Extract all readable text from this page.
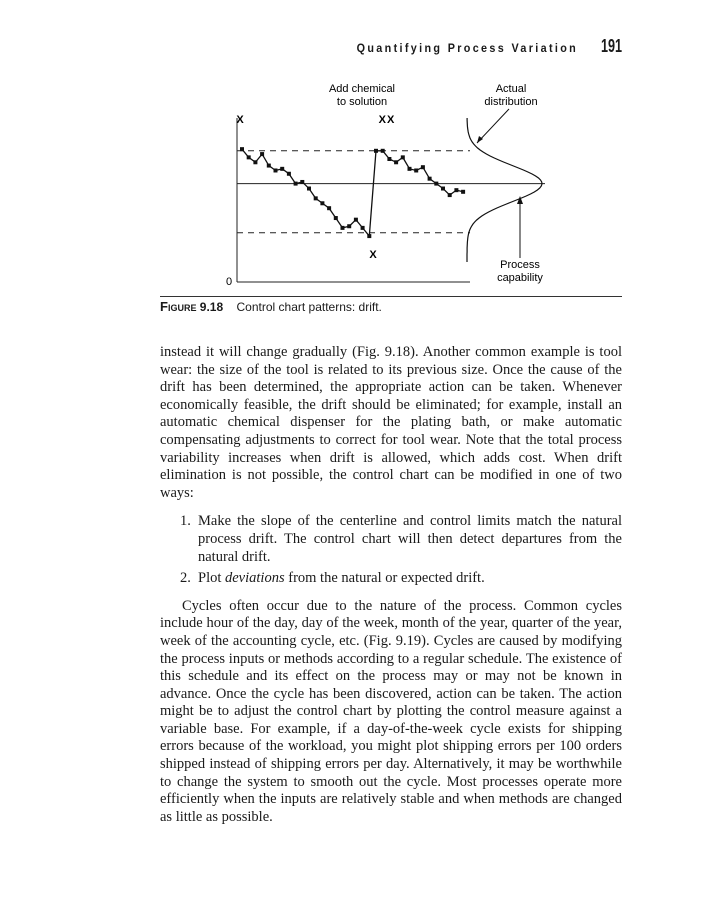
Quantifying Process Variation 191
Add chemical
to solution
Actual
distribution
Process
capability
0
X	XX
X
Figure 9.18 Control chart patterns: drift.

instead it will change gradually (Fig. 9.18). Another common example is tool wear: the size of the tool is related to its previous size. Once the cause of the drift has been determined, the appropriate action can be taken. Whenever economically feasible, the drift should be eliminated; for example, install an automatic chemical dispenser for the plating bath, or make automatic compensating adjustments to correct for tool wear. Note that the total process variability increases when drift is allowed, which adds cost. When drift elimination is not possible, the control chart can be modified in one of two ways:

1. Make the slope of the centerline and control limits match the natural process drift. The control chart will then detect departures from the natural drift.
2. Plot deviations from the natural or expected drift.

Cycles often occur due to the nature of the process. Common cycles include hour of the day, day of the week, month of the year, quarter of the year, week of the accounting cycle, etc. (Fig. 9.19). Cycles are caused by modifying the process inputs or methods according to a regular schedule. The existence of this schedule and its effect on the process may or may not be known in advance. Once the cycle has been discovered, action can be taken. The action might be to adjust the control chart by plotting the control measure against a variable base. For example, if a day-of-the-week cycle exists for shipping errors because of the workload, you might plot shipping errors per 100 orders shipped instead of shipping errors per day. Alternatively, it may be worthwhile to change the system to smooth out the cycle. Most processes operate more efficiently when the inputs are relatively stable and when methods are changed as little as possible.
